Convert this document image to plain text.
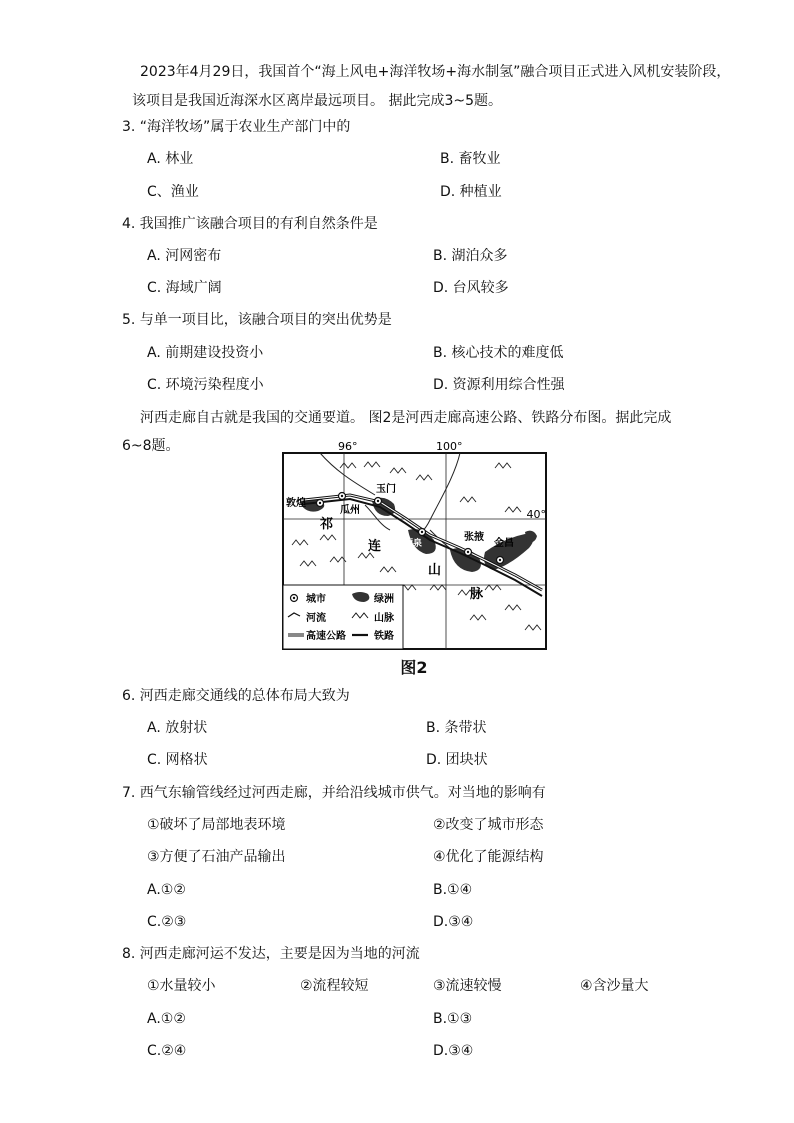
2023年4月29日，我国首个“海上风电+海洋牧场+海水制氢”融合项目正式进入风机安装阶段，
该项目是我国近海深水区离岸最远项目。 据此完成3~5题。
3. “海洋牧场”属于农业生产部门中的
A. 林业	B. 畜牧业
C、渔业	D. 种植业
4. 我国推广该融合项目的有利自然条件是
A. 河网密布	B. 湖泊众多
C. 海域广阔	D. 台风较多
5. 与单一项目比，该融合项目的突出优势是
A. 前期建设投资小	B. 核心技术的难度低
C. 环境污染程度小	D. 资源利用综合性强
河西走廊自古就是我国的交通要道。 图2是河西走廊高速公路、铁路分布图。据此完成
6~8题。	96°	100°
40°
敦煌
瓜州
玉门
酒泉
张掖
金昌
祁
连
山
脉
城市	绿洲
河流	山脉
高速公路	铁路
图2
6. 河西走廊交通线的总体布局大致为
A. 放射状	B. 条带状
C. 网格状	D. 团块状
7. 西气东输管线经过河西走廊，并给沿线城市供气。对当地的影响有
①破坏了局部地表环境	②改变了城市形态
③方便了石油产品输出	④优化了能源结构
A.①②	B.①④
C.②③	D.③④
8. 河西走廊河运不发达，主要是因为当地的河流
①水量较小	②流程较短	③流速较慢	④含沙量大
A.①②	B.①③
C.②④	D.③④
